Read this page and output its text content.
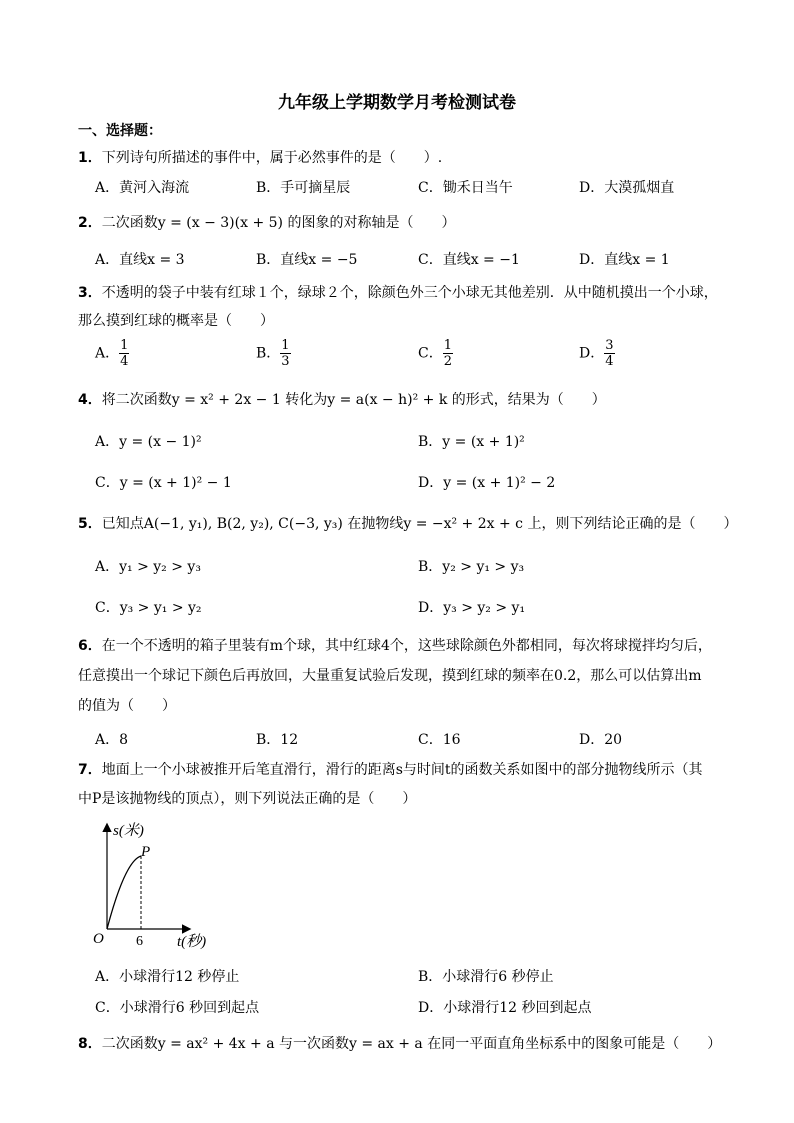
九年级上学期数学月考检测试卷
一、选择题：
1．下列诗句所描述的事件中，属于必然事件的是（　　）.
A．黄河入海流	B．手可摘星辰	C．锄禾日当午	D．大漠孤烟直
2．二次函数y = (x − 3)(x + 5) 的图象的对称轴是（　　）
A．直线x = 3	B．直线x = −5	C．直线x = −1	D．直线x = 1
3．不透明的袋子中装有红球１个，绿球２个，除颜色外三个小球无其他差别．从中随机摸出一个小球，
那么摸到红球的概率是（　　）
A． $\frac{1}{4}$	B． $\frac{1}{3}$	C． $\frac{1}{2}$	D． $\frac{3}{4}$
4．将二次函数y = x² + 2x − 1 转化为y = a(x − h)² + k 的形式，结果为（　　）
A．y = (x − 1)²	B．y = (x + 1)²
C．y = (x + 1)² − 1	D．y = (x + 1)² − 2
5．已知点A(−1, y₁), B(2, y₂), C(−3, y₃) 在抛物线y = −x² + 2x + c 上，则下列结论正确的是（　　）
A．y₁ > y₂ > y₃	B．y₂ > y₁ > y₃
C．y₃ > y₁ > y₂	D．y₃ > y₂ > y₁
6．在一个不透明的箱子里装有m个球，其中红球4个，这些球除颜色外都相同，每次将球搅拌均匀后，
任意摸出一个球记下颜色后再放回，大量重复试验后发现，摸到红球的频率在0.2，那么可以估算出m
的值为（　　）
A．8	B．12	C．16	D．20
7．地面上一个小球被推开后笔直滑行，滑行的距离s与时间t的函数关系如图中的部分抛物线所示（其
中P是该抛物线的顶点），则下列说法正确的是（　　）
s(米)
P
O 6 t(秒)
A．小球滑行12 秒停止	B．小球滑行6 秒停止
C．小球滑行6 秒回到起点	D．小球滑行12 秒回到起点
8．二次函数y = ax² + 4x + a 与一次函数y = ax + a 在同一平面直角坐标系中的图象可能是（　　）
